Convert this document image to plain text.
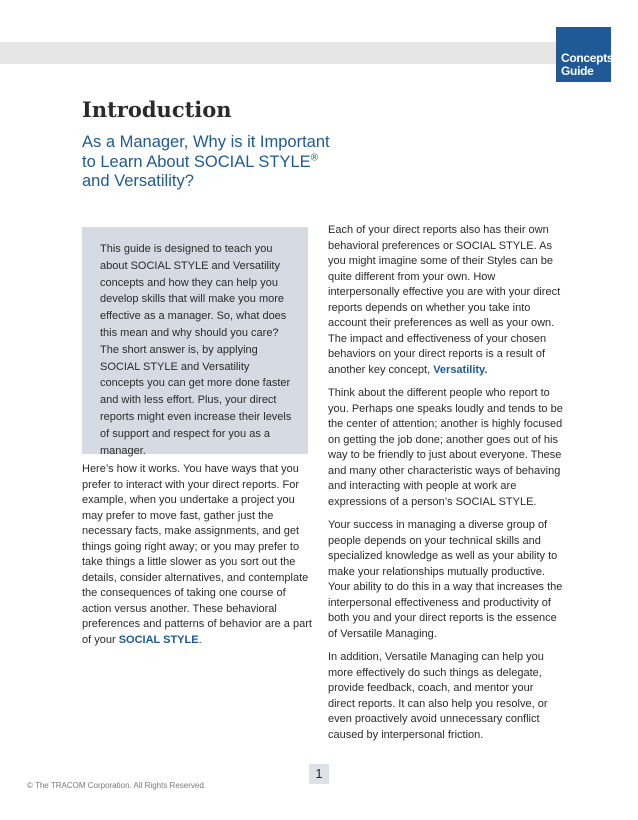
Concepts
Guide
Introduction
As a Manager, Why is it Important to Learn About SOCIAL STYLE® and Versatility?

This guide is designed to teach you about SOCIAL STYLE and Versatility concepts and how they can help you develop skills that will make you more effective as a manager. So, what does this mean and why should you care? The short answer is, by applying SOCIAL STYLE and Versatility concepts you can get more done faster and with less effort. Plus, your direct reports might even increase their levels of support and respect for you as a manager.

Here’s how it works. You have ways that you prefer to interact with your direct reports. For example, when you undertake a project you may prefer to move fast, gather just the necessary facts, make assignments, and get things going right away; or you may prefer to take things a little slower as you sort out the details, consider alternatives, and contemplate the consequences of taking one course of action versus another. These behavioral preferences and patterns of behavior are a part of your SOCIAL STYLE.

Each of your direct reports also has their own behavioral preferences or SOCIAL STYLE. As you might imagine some of their Styles can be quite different from your own. How interpersonally effective you are with your direct reports depends on whether you take into account their preferences as well as your own. The impact and effectiveness of your chosen behaviors on your direct reports is a result of another key concept, Versatility.

Think about the different people who report to you. Perhaps one speaks loudly and tends to be the center of attention; another is highly focused on getting the job done; another goes out of his way to be friendly to just about everyone. These and many other characteristic ways of behaving and interacting with people at work are expressions of a person’s SOCIAL STYLE.

Your success in managing a diverse group of people depends on your technical skills and specialized knowledge as well as your ability to make your relationships mutually productive. Your ability to do this in a way that increases the interpersonal effectiveness and productivity of both you and your direct reports is the essence of Versatile Managing.

In addition, Versatile Managing can help you more effectively do such things as delegate, provide feedback, coach, and mentor your direct reports. It can also help you resolve, or even proactively avoid unnecessary conflict caused by interpersonal friction.

1
© The TRACOM Corporation. All Rights Reserved.
